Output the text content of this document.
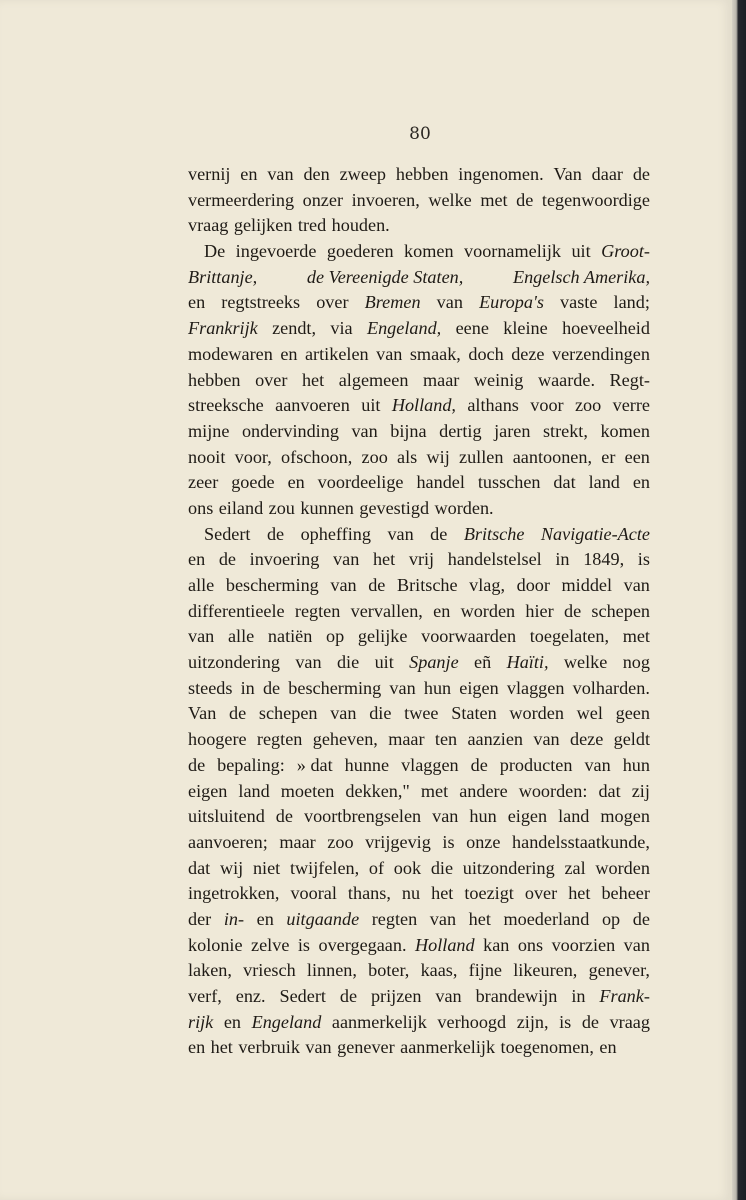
80
vernij en van den zweep hebben ingenomen. Van daar de
vermeerdering onzer invoeren, welke met de tegenwoordige
vraag gelijken tred houden.
De ingevoerde goederen komen voornamelijk uit Groot-
Brittanje,	de Vereenigde Staten,	Engelsch Amerika,
en regtstreeks over Bremen van Europa's vaste land;
Frankrijk zendt, via Engeland, eene kleine hoeveelheid
modewaren en artikelen van smaak, doch deze verzendingen
hebben over het algemeen maar weinig waarde. Regt-
streeksche aanvoeren uit Holland, althans voor zoo verre
mijne ondervinding van bijna dertig jaren strekt, komen
nooit voor, ofschoon, zoo als wij zullen aantoonen, er een
zeer goede en voordeelige handel tusschen dat land en
ons eiland zou kunnen gevestigd worden.
Sedert de opheffing van de Britsche Navigatie-Acte
en de invoering van het vrij handelstelsel in 1849, is
alle bescherming van de Britsche vlag, door middel van
differentieele regten vervallen, en worden hier de schepen
van alle natiën op gelijke voorwaarden toegelaten, met
uitzondering van die uit Spanje eñ Haïti, welke nog
steeds in de bescherming van hun eigen vlaggen volharden.
Van de schepen van die twee Staten worden wel geen
hoogere regten geheven, maar ten aanzien van deze geldt
de bepaling: » dat hunne vlaggen de producten van hun
eigen land moeten dekken," met andere woorden: dat zij
uitsluitend de voortbrengselen van hun eigen land mogen
aanvoeren; maar zoo vrijgevig is onze handelsstaatkunde,
dat wij niet twijfelen, of ook die uitzondering zal worden
ingetrokken, vooral thans, nu het toezigt over het beheer
der in- en uitgaande regten van het moederland op de
kolonie zelve is overgegaan. Holland kan ons voorzien van
laken, vriesch linnen, boter, kaas, fijne likeuren, genever,
verf, enz. Sedert de prijzen van brandewijn in Frank-
rijk en Engeland aanmerkelijk verhoogd zijn, is de vraag
en het verbruik van genever aanmerkelijk toegenomen, en
